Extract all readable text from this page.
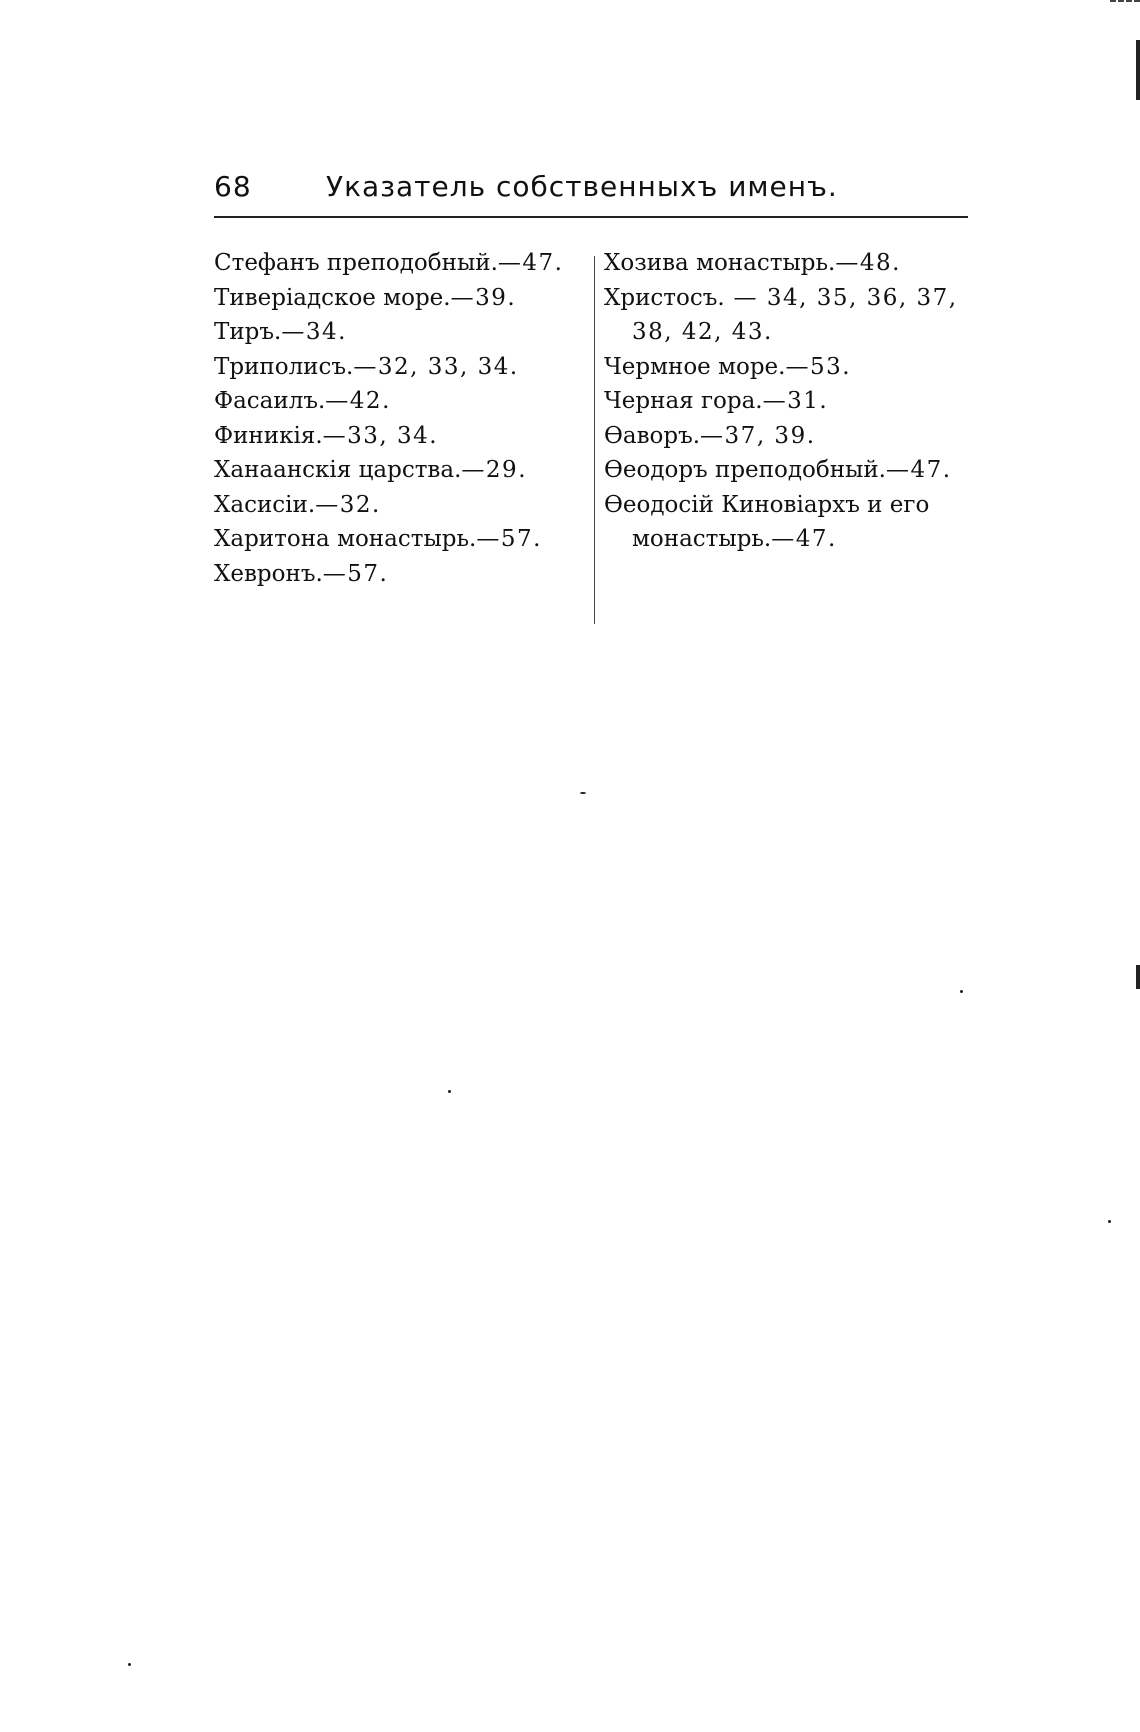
68	Указатель собственныхъ именъ.

Стефанъ преподобный.—47.

Тиверіадское море.—39.

Тиръ.—34.

Триполисъ.—32, 33, 34.

Фасаилъ.—42.

Финикія.—33, 34.

Ханаанскія царства.—29.

Хасисіи.—32.

Харитона монастырь.—57.

Хевронъ.—57.

Хозива монастырь.—48.

Христосъ. — 34, 35, 36, 37, 38, 42, 43.

Чермное море.—53.

Черная гора.—31.

Ѳаворъ.—37, 39.

Ѳеодоръ преподобный.—47.

Ѳеодосій Киновіархъ и его монастырь.—47.
